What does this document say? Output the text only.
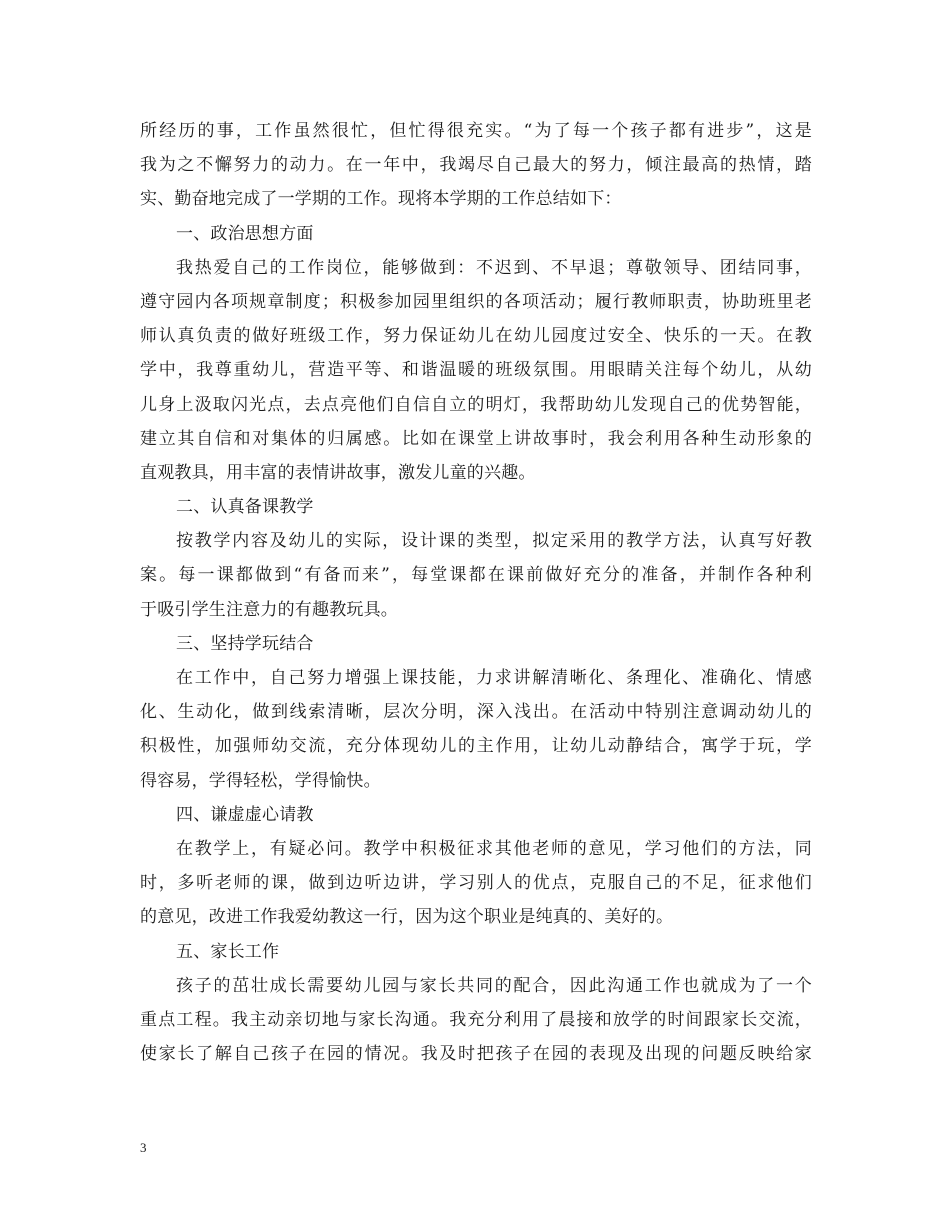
所经历的事，工作虽然很忙，但忙得很充实。“为了每一个孩子都有进步”，这是
我为之不懈努力的动力。在一年中，我竭尽自己最大的努力，倾注最高的热情，踏
实、勤奋地完成了一学期的工作。现将本学期的工作总结如下：
一、政治思想方面
我热爱自己的工作岗位，能够做到：不迟到、不早退；尊敬领导、团结同事，
遵守园内各项规章制度；积极参加园里组织的各项活动；履行教师职责，协助班里老
师认真负责的做好班级工作，努力保证幼儿在幼儿园度过安全、快乐的一天。在教
学中，我尊重幼儿，营造平等、和谐温暖的班级氛围。用眼睛关注每个幼儿，从幼
儿身上汲取闪光点，去点亮他们自信自立的明灯，我帮助幼儿发现自己的优势智能，
建立其自信和对集体的归属感。比如在课堂上讲故事时，我会利用各种生动形象的
直观教具，用丰富的表情讲故事，激发儿童的兴趣。
二、认真备课教学
按教学内容及幼儿的实际，设计课的类型，拟定采用的教学方法，认真写好教
案。每一课都做到“有备而来”，每堂课都在课前做好充分的准备，并制作各种利
于吸引学生注意力的有趣教玩具。
三、坚持学玩结合
在工作中，自己努力增强上课技能，力求讲解清晰化、条理化、准确化、情感
化、生动化，做到线索清晰，层次分明，深入浅出。在活动中特别注意调动幼儿的
积极性，加强师幼交流，充分体现幼儿的主作用，让幼儿动静结合，寓学于玩，学
得容易，学得轻松，学得愉快。
四、谦虚虚心请教
在教学上，有疑必问。教学中积极征求其他老师的意见，学习他们的方法，同
时，多听老师的课，做到边听边讲，学习别人的优点，克服自己的不足，征求他们
的意见，改进工作我爱幼教这一行，因为这个职业是纯真的、美好的。
五、家长工作
孩子的茁壮成长需要幼儿园与家长共同的配合，因此沟通工作也就成为了一个
重点工程。我主动亲切地与家长沟通。我充分利用了晨接和放学的时间跟家长交流，
使家长了解自己孩子在园的情况。我及时把孩子在园的表现及出现的问题反映给家
3
